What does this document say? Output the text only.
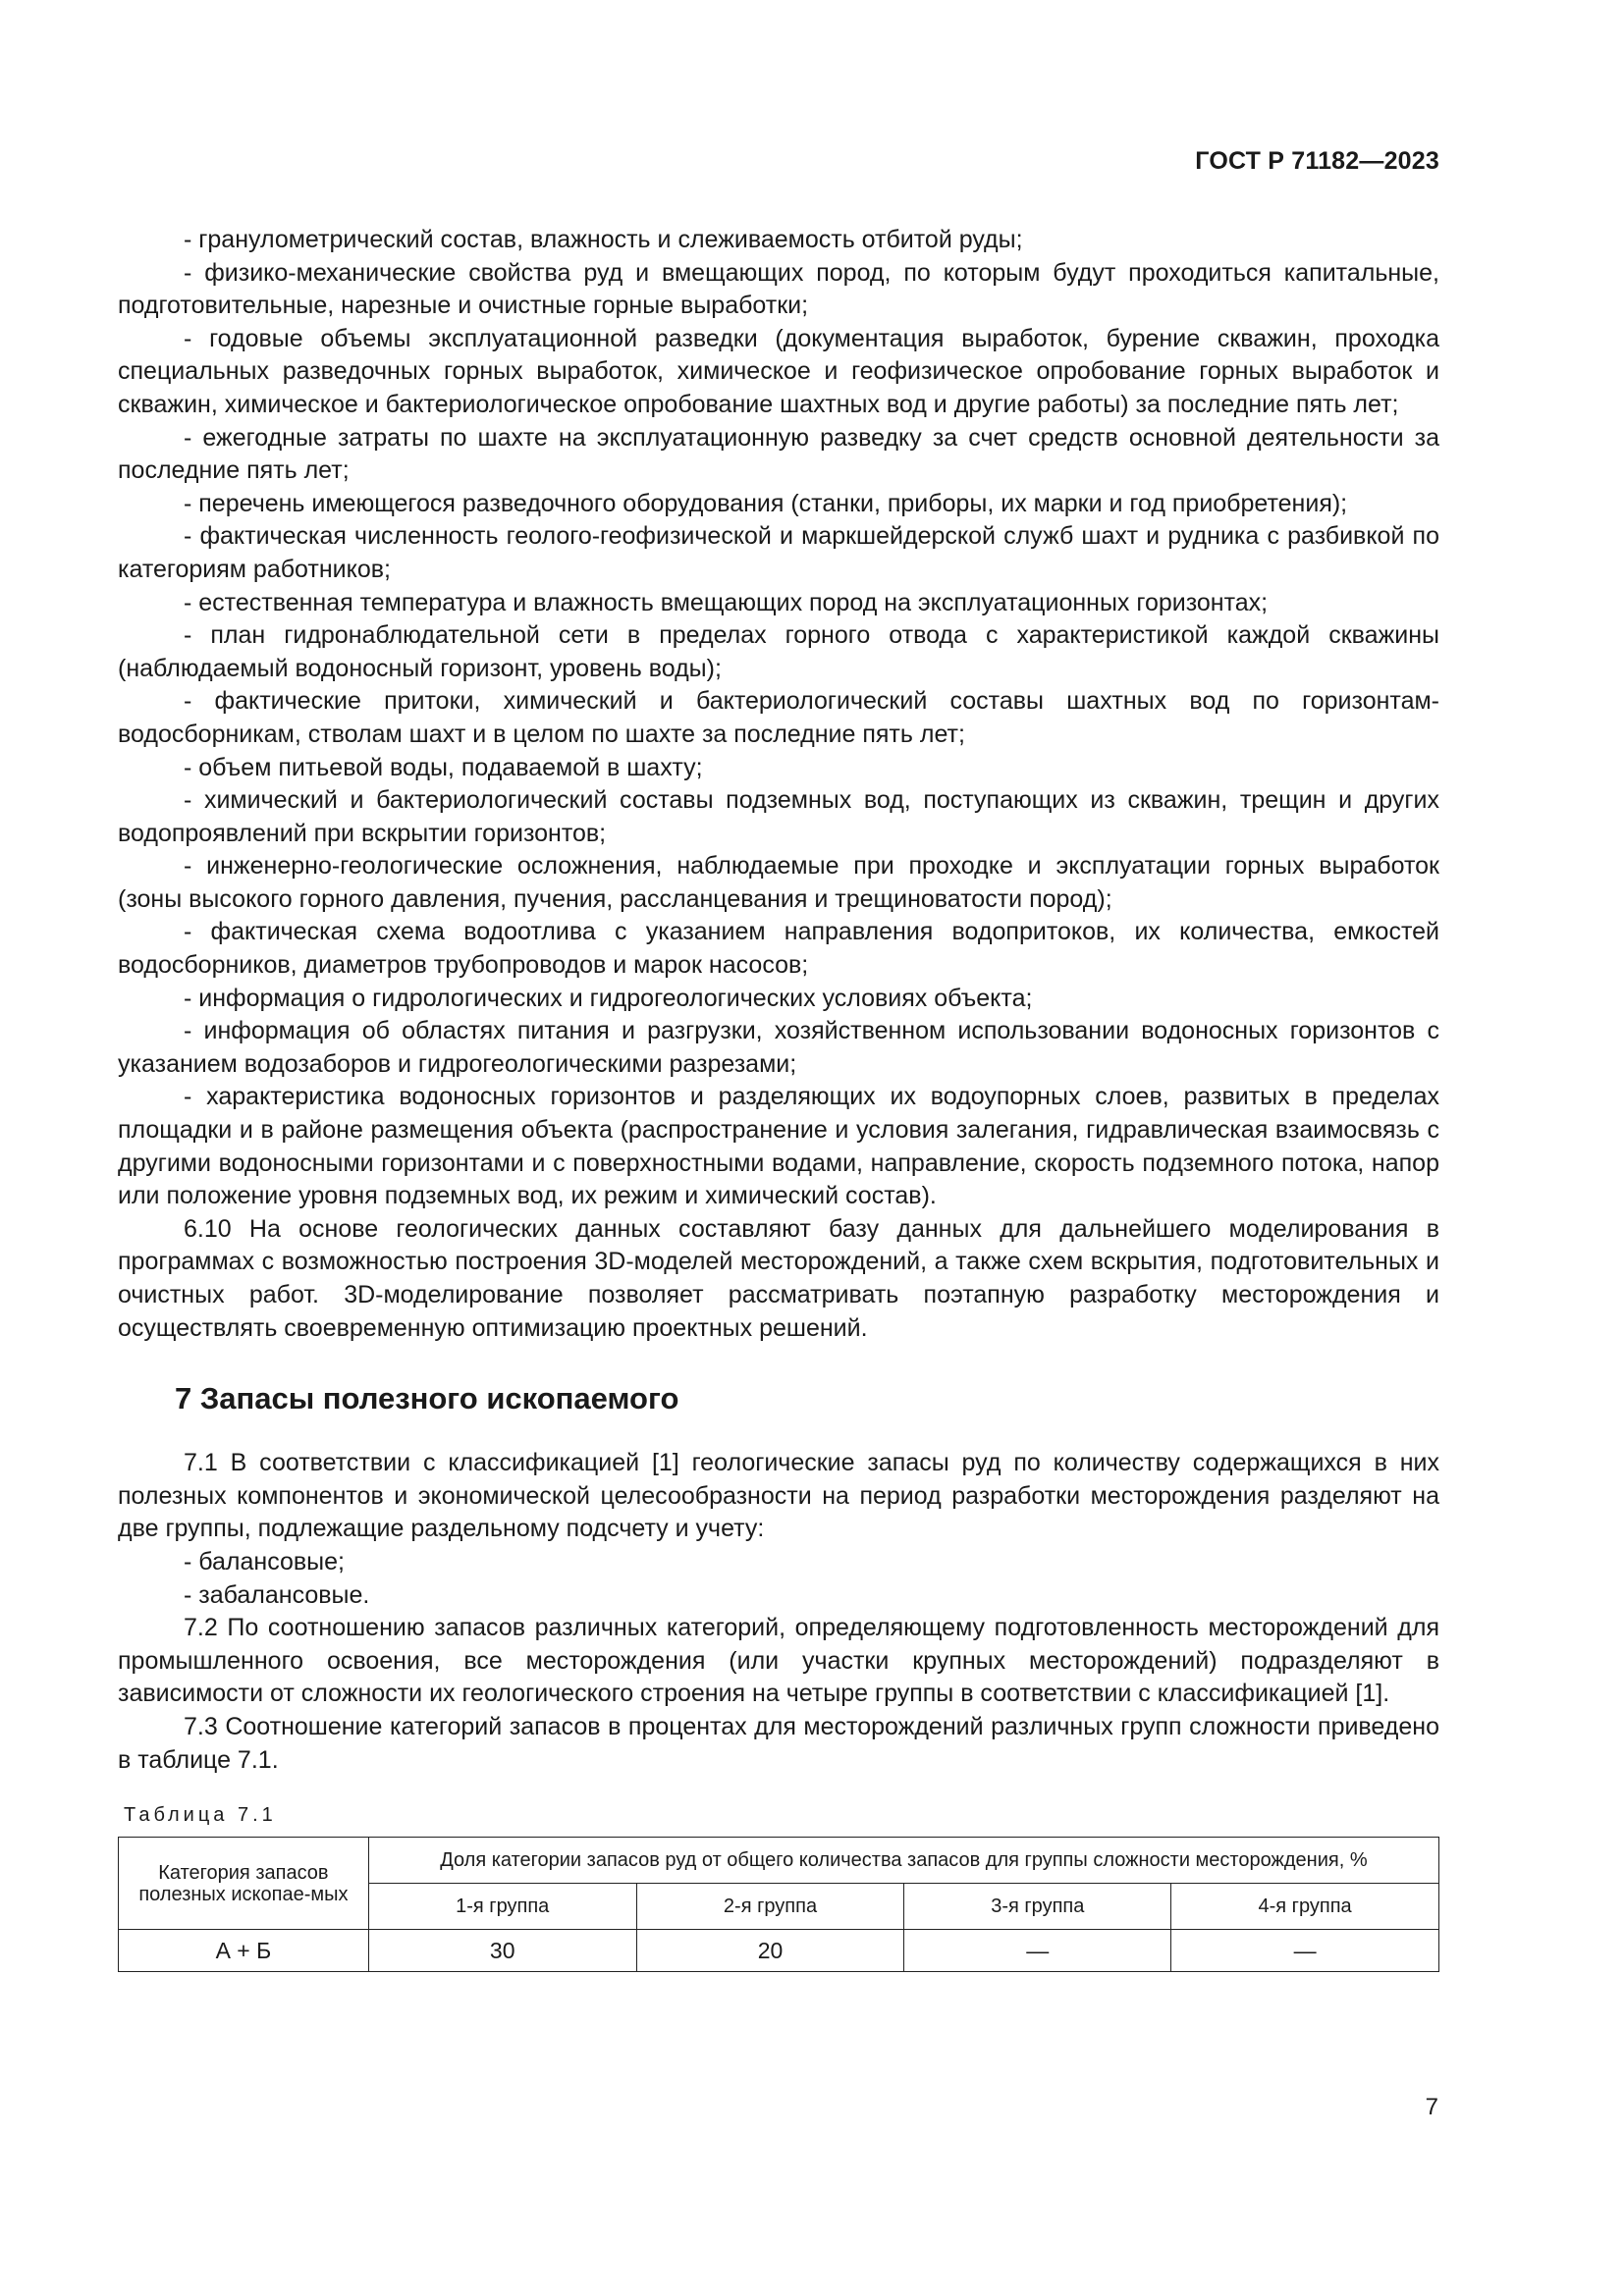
ГОСТ Р 71182—2023

- гранулометрический состав, влажность и слеживаемость отбитой руды;

- физико-механические свойства руд и вмещающих пород, по которым будут проходиться капитальные, подготовительные, нарезные и очистные горные выработки;

- годовые объемы эксплуатационной разведки (документация выработок, бурение скважин, проходка специальных разведочных горных выработок, химическое и геофизическое опробование горных выработок и скважин, химическое и бактериологическое опробование шахтных вод и другие работы) за последние пять лет;

- ежегодные затраты по шахте на эксплуатационную разведку за счет средств основной деятельности за последние пять лет;

- перечень имеющегося разведочного оборудования (станки, приборы, их марки и год приобретения);

- фактическая численность геолого-геофизической и маркшейдерской служб шахт и рудника с разбивкой по категориям работников;

- естественная температура и влажность вмещающих пород на эксплуатационных горизонтах;

- план гидронаблюдательной сети в пределах горного отвода с характеристикой каждой скважины (наблюдаемый водоносный горизонт, уровень воды);

- фактические притоки, химический и бактериологический составы шахтных вод по горизонтам-водосборникам, стволам шахт и в целом по шахте за последние пять лет;

- объем питьевой воды, подаваемой в шахту;

- химический и бактериологический составы подземных вод, поступающих из скважин, трещин и других водопроявлений при вскрытии горизонтов;

- инженерно-геологические осложнения, наблюдаемые при проходке и эксплуатации горных выработок (зоны высокого горного давления, пучения, рассланцевания и трещиноватости пород);

- фактическая схема водоотлива с указанием направления водопритоков, их количества, емкостей водосборников, диаметров трубопроводов и марок насосов;

- информация о гидрологических и гидрогеологических условиях объекта;

- информация об областях питания и разгрузки, хозяйственном использовании водоносных горизонтов с указанием водозаборов и гидрогеологическими разрезами;

- характеристика водоносных горизонтов и разделяющих их водоупорных слоев, развитых в пределах площадки и в районе размещения объекта (распространение и условия залегания, гидравлическая взаимосвязь с другими водоносными горизонтами и с поверхностными водами, направление, скорость подземного потока, напор или положение уровня подземных вод, их режим и химический состав).

6.10 На основе геологических данных составляют базу данных для дальнейшего моделирования в программах с возможностью построения 3D-моделей месторождений, а также схем вскрытия, подготовительных и очистных работ. 3D-моделирование позволяет рассматривать поэтапную разработку месторождения и осуществлять своевременную оптимизацию проектных решений.

7 Запасы полезного ископаемого

7.1 В соответствии с классификацией [1] геологические запасы руд по количеству содержащихся в них полезных компонентов и экономической целесообразности на период разработки месторождения разделяют на две группы, подлежащие раздельному подсчету и учету:

- балансовые;

- забалансовые.

7.2 По соотношению запасов различных категорий, определяющему подготовленность месторождений для промышленного освоения, все месторождения (или участки крупных месторождений) подразделяют в зависимости от сложности их геологического строения на четыре группы в соответствии с классификацией [1].

7.3 Соотношение категорий запасов в процентах для месторождений различных групп сложности приведено в таблице 7.1.

Таблица 7.1
Категория запасов полезных ископае-мых	Доля категории запасов руд от общего количества запасов для группы сложности месторождения, %			
	1-я группа	2-я группа	3-я группа	4-я группа
А + Б	30	20	—	—
7
